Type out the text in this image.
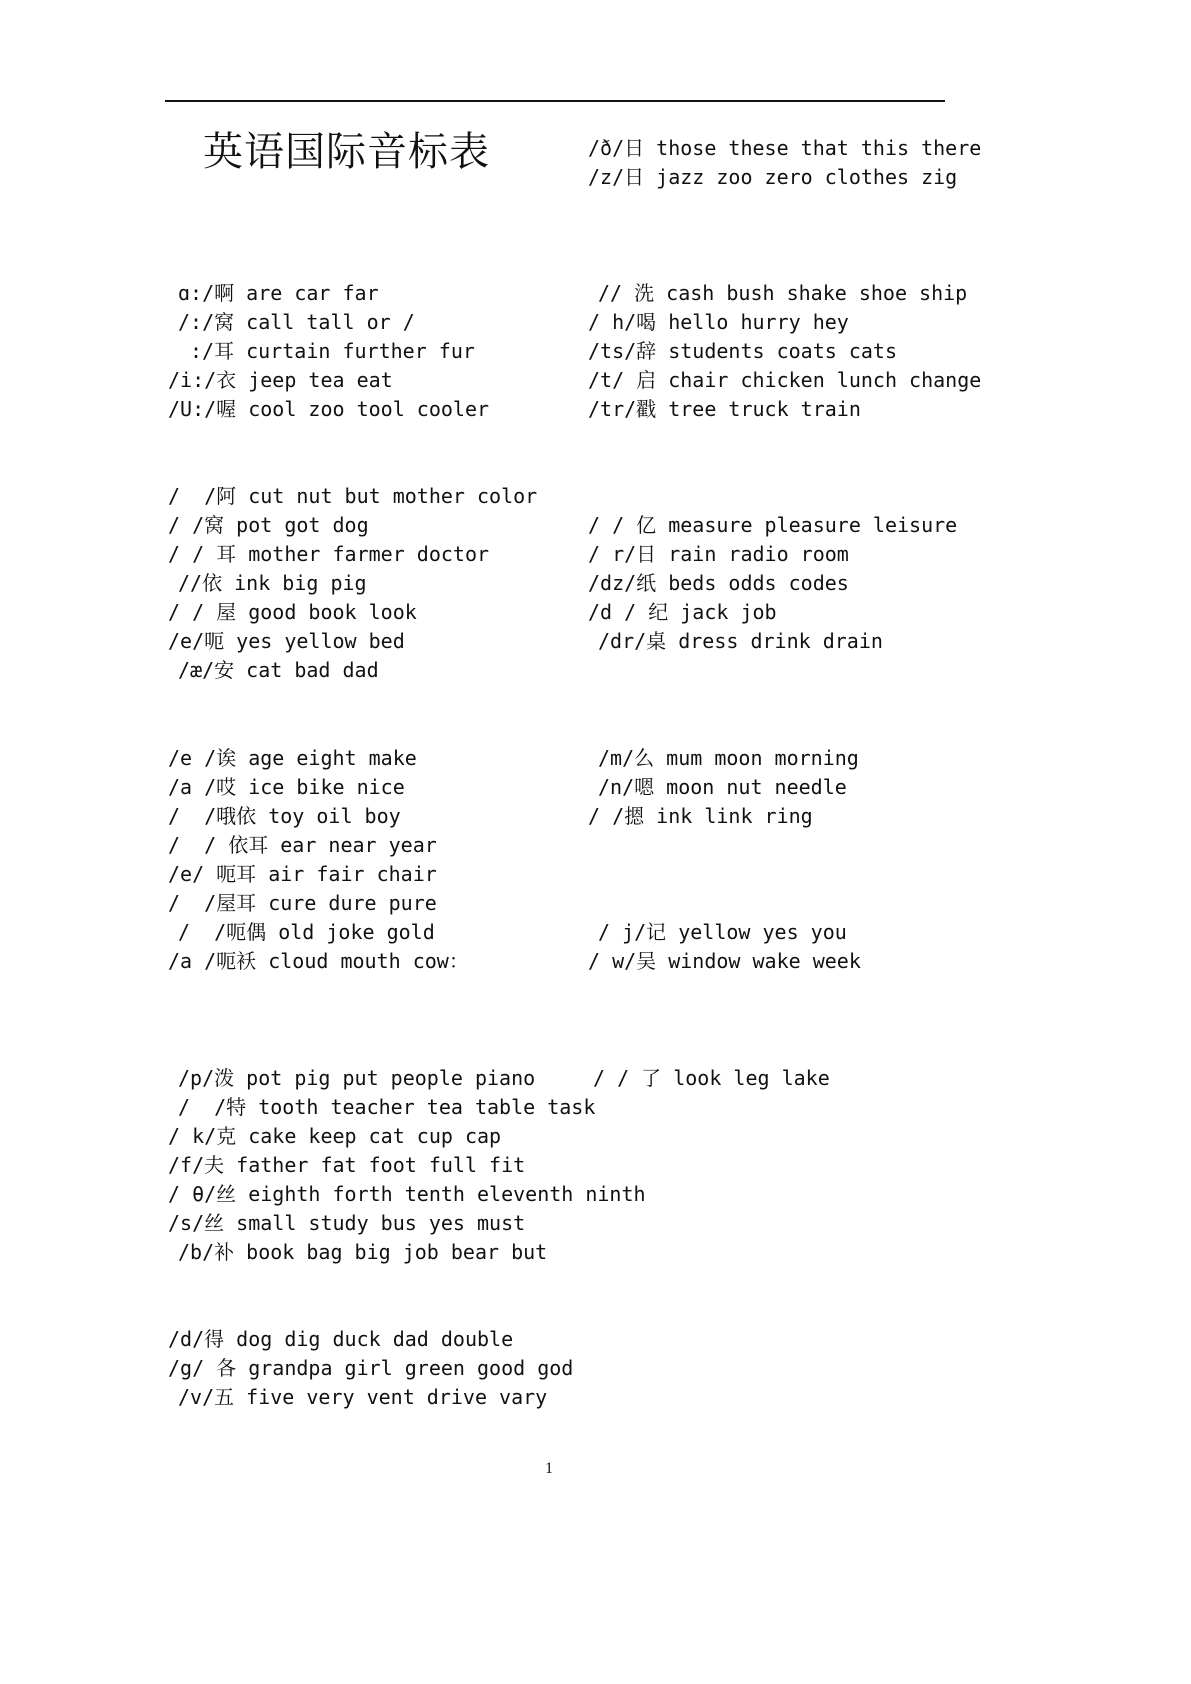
英语国际音标表	/ð/日 those these that this there
/z/日 jazz zoo zero clothes zig
ɑ:/啊 are car far
/:/窝 call tall or /
:/耳 curtain further fur
/i:/衣 jeep tea eat
/U:/喔 cool zoo tool cooler
/  /阿 cut nut but mother color
/ /窝 pot got dog
/ / 耳 mother farmer doctor
//依 ink big pig
/ / 屋 good book look
/e/呃 yes yellow bed
/æ/安 cat bad dad
/e /诶 age eight make
/a /哎 ice bike nice
/  /哦依 toy oil boy
/  / 依耳 ear near year
/e/ 呃耳 air fair chair
/  /屋耳 cure dure pure
/  /呃偶 old joke gold
/a /呃袄 cloud mouth cow：
/p/泼 pot pig put people piano
/  /特 tooth teacher tea table task
/ k/克 cake keep cat cup cap
/f/夫 father fat foot full fit
/ θ/丝 eighth forth tenth eleventh ninth
/s/丝 small study bus yes must
/b/补 book bag big job bear but
/d/得 dog dig duck dad double
/g/ 各 grandpa girl green good god
/v/五 five very vent drive vary
// 洗 cash bush shake shoe ship
/ h/喝 hello hurry hey
/ts/辞 students coats cats
/t/ 启 chair chicken lunch change
/tr/戳 tree truck train
/ / 亿 measure pleasure leisure
/ r/日 rain radio room
/dz/纸 beds odds codes
/d / 纪 jack job
/dr/桌 dress drink drain
/m/么 mum moon morning
/n/嗯 moon nut needle
/ /摁 ink link ring
/ j/记 yellow yes you
/ w/吴 window wake week
/ / 了 look leg lake
1
